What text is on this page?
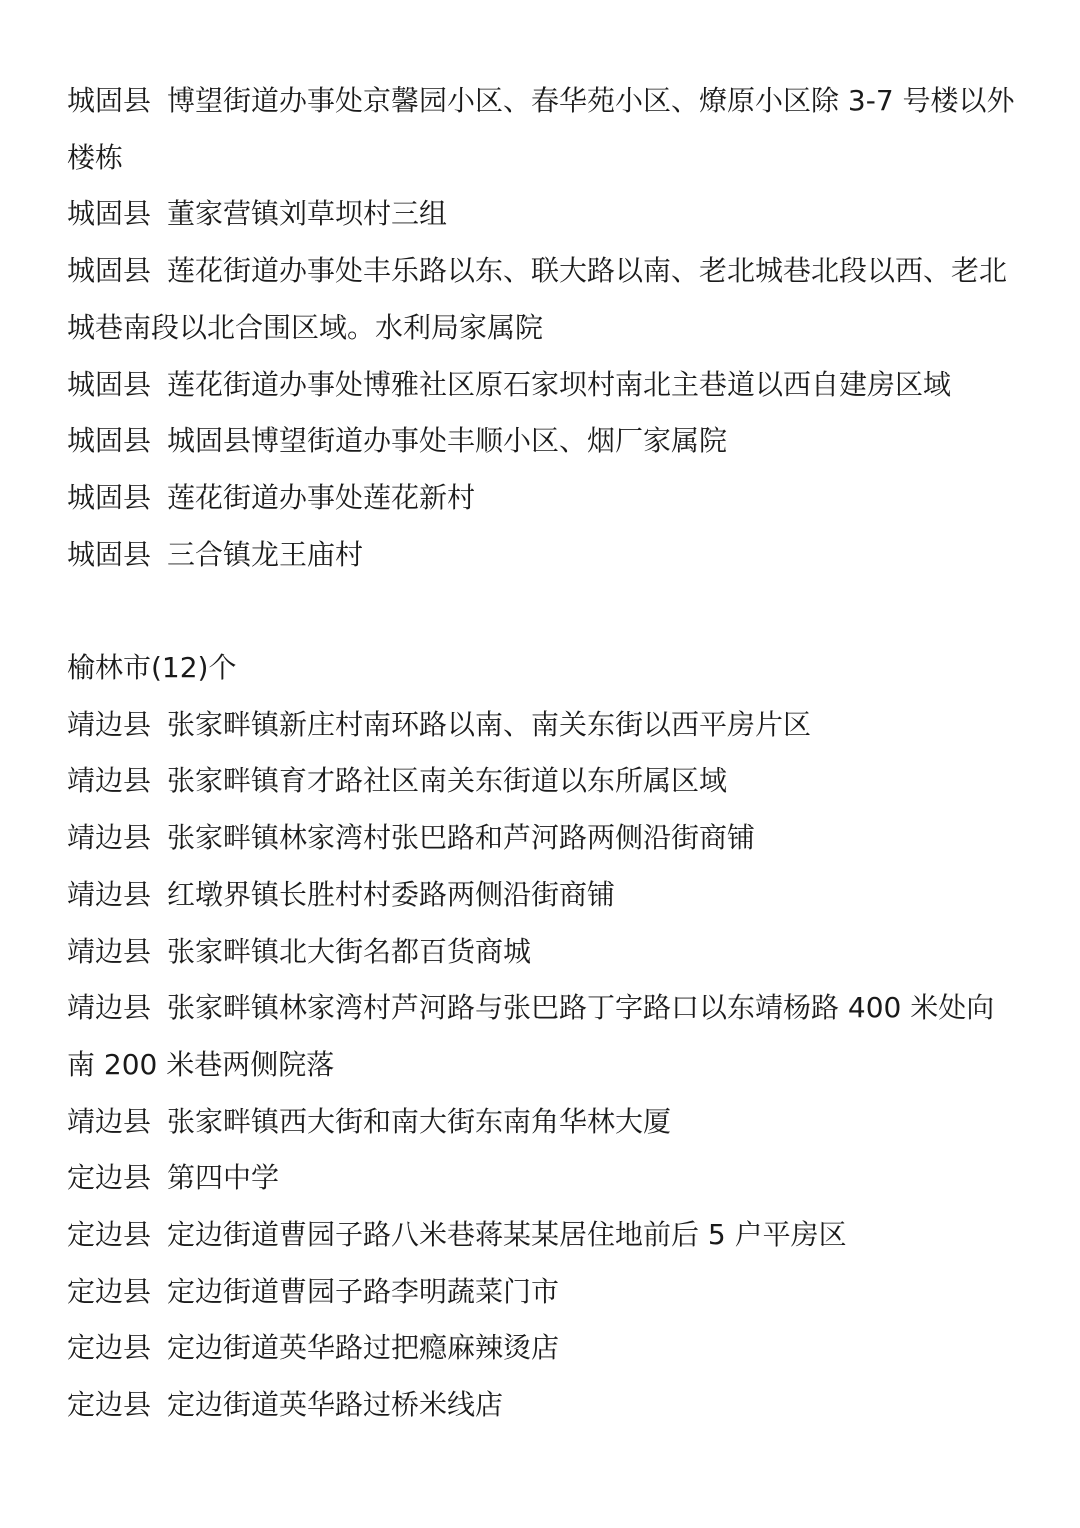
城固县 博望街道办事处京馨园小区、春华苑小区、燎原小区除 3-7 号楼以外楼栋

城固县 董家营镇刘草坝村三组

城固县 莲花街道办事处丰乐路以东、联大路以南、老北城巷北段以西、老北城巷南段以北合围区域。水利局家属院

城固县 莲花街道办事处博雅社区原石家坝村南北主巷道以西自建房区域

城固县 城固县博望街道办事处丰顺小区、烟厂家属院

城固县 莲花街道办事处莲花新村

城固县 三合镇龙王庙村

榆林市(12)个

靖边县 张家畔镇新庄村南环路以南、南关东街以西平房片区

靖边县 张家畔镇育才路社区南关东街道以东所属区域

靖边县 张家畔镇林家湾村张巴路和芦河路两侧沿街商铺

靖边县 红墩界镇长胜村村委路两侧沿街商铺

靖边县 张家畔镇北大街名都百货商城

靖边县 张家畔镇林家湾村芦河路与张巴路丁字路口以东靖杨路 400 米处向南 200 米巷两侧院落

靖边县 张家畔镇西大街和南大街东南角华林大厦

定边县 第四中学

定边县 定边街道曹园子路八米巷蒋某某居住地前后 5 户平房区

定边县 定边街道曹园子路李明蔬菜门市

定边县 定边街道英华路过把瘾麻辣烫店

定边县 定边街道英华路过桥米线店
